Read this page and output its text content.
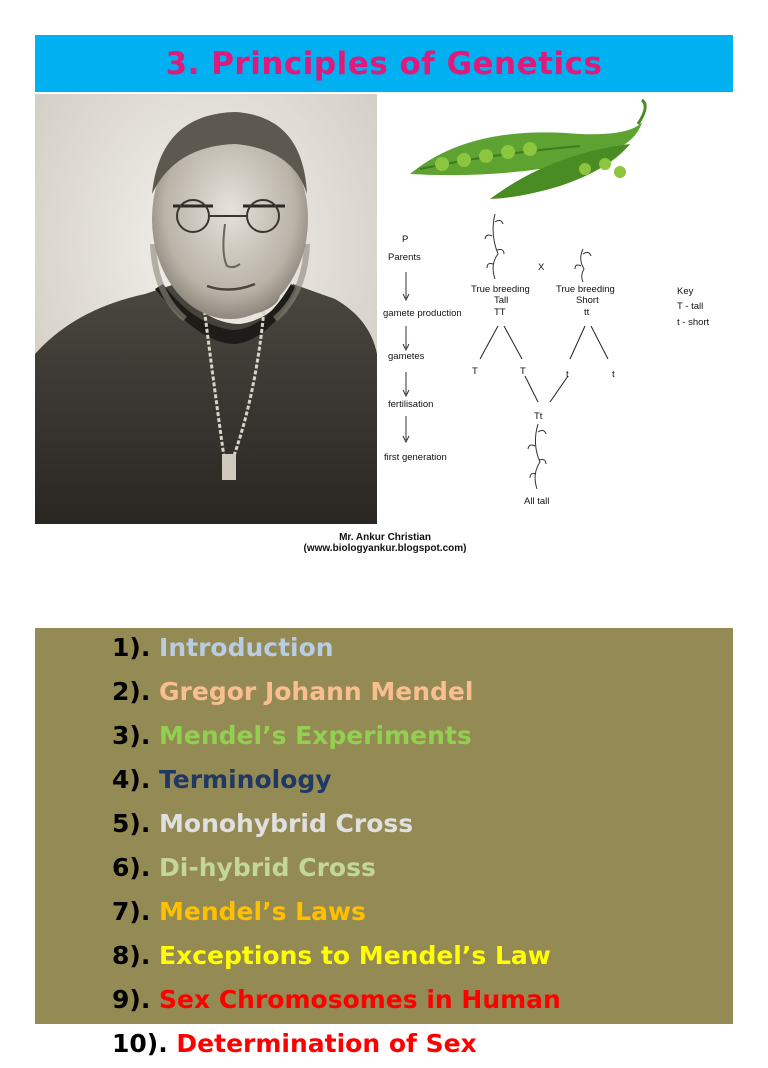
3. Principles of Genetics
P
Parents
gamete production
gametes
fertilisation
first generation
X
True breeding
Tall
TT
True breeding
Short
tt
Key
T - tall
t - short
T	T	t	t
Tt
All tall
Mr. Ankur Christian
(www.biologyankur.blogspot.com)
1). Introduction
2). Gregor Johann Mendel
3). Mendel’s Experiments
4). Terminology
5). Monohybrid Cross
6). Di-hybrid Cross
7). Mendel’s Laws
8). Exceptions to Mendel’s Law
9). Sex Chromosomes in Human
10). Determination of Sex
